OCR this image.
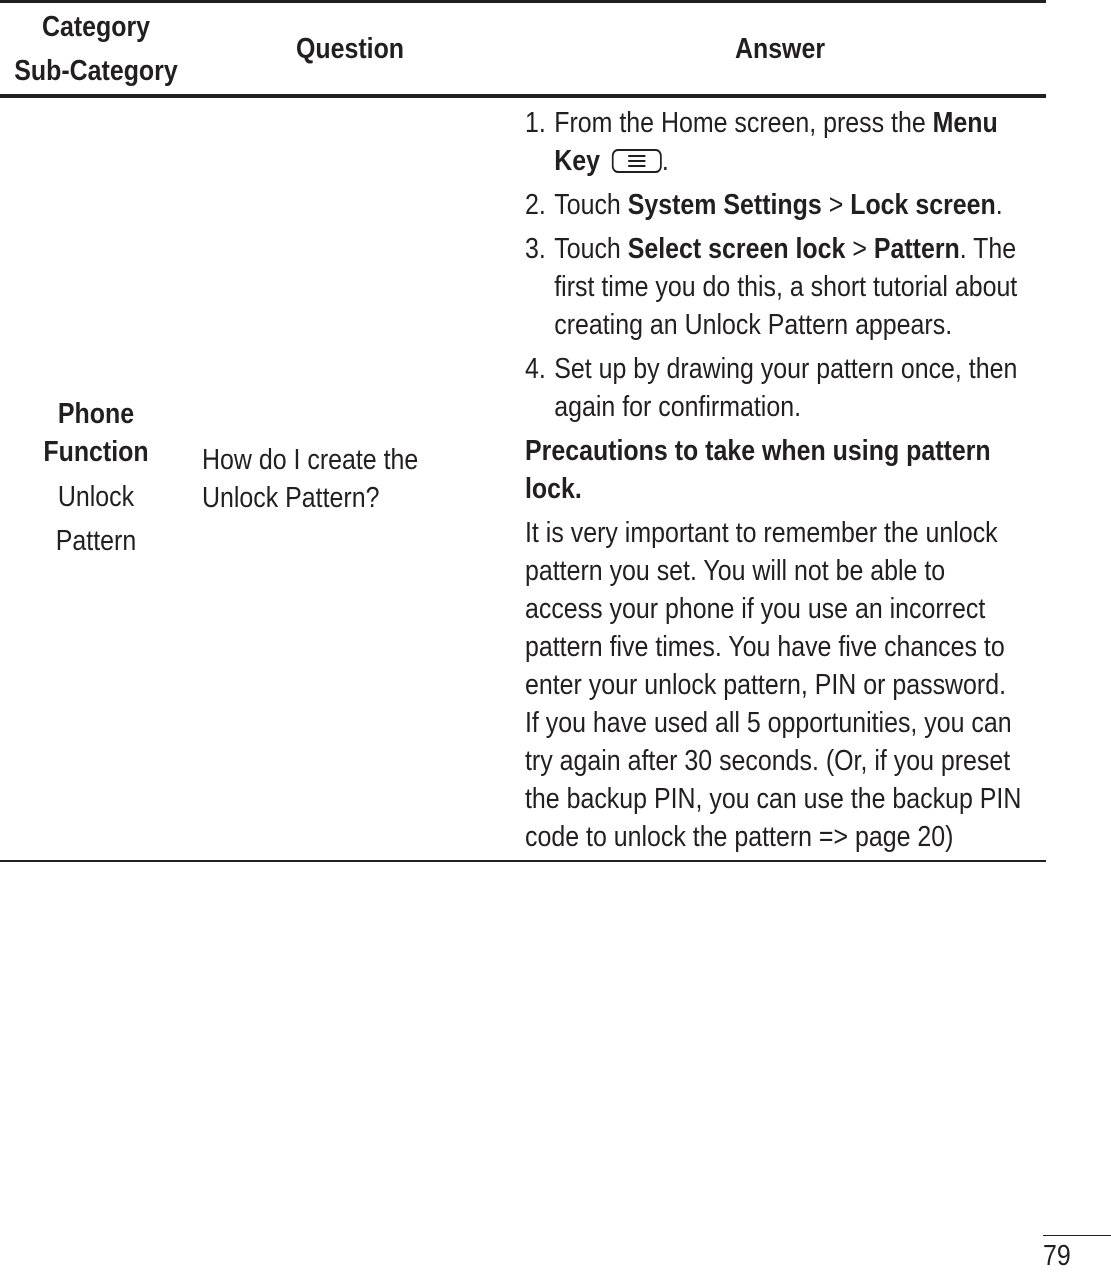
Category
Sub-Category
Question	Answer
Phone
Function
Unlock
Pattern
How do I create the
Unlock Pattern?
1. From the Home screen, press the Menu
Key .
2. Touch System Settings > Lock screen.
3. Touch Select screen lock > Pattern. The
first time you do this, a short tutorial about
creating an Unlock Pattern appears.
4. Set up by drawing your pattern once, then
again for confirmation.
Precautions to take when using pattern
lock.
It is very important to remember the unlock
pattern you set. You will not be able to
access your phone if you use an incorrect
pattern five times. You have five chances to
enter your unlock pattern, PIN or password.
If you have used all 5 opportunities, you can
try again after 30 seconds. (Or, if you preset
the backup PIN, you can use the backup PIN
code to unlock the pattern => page 20)
79
